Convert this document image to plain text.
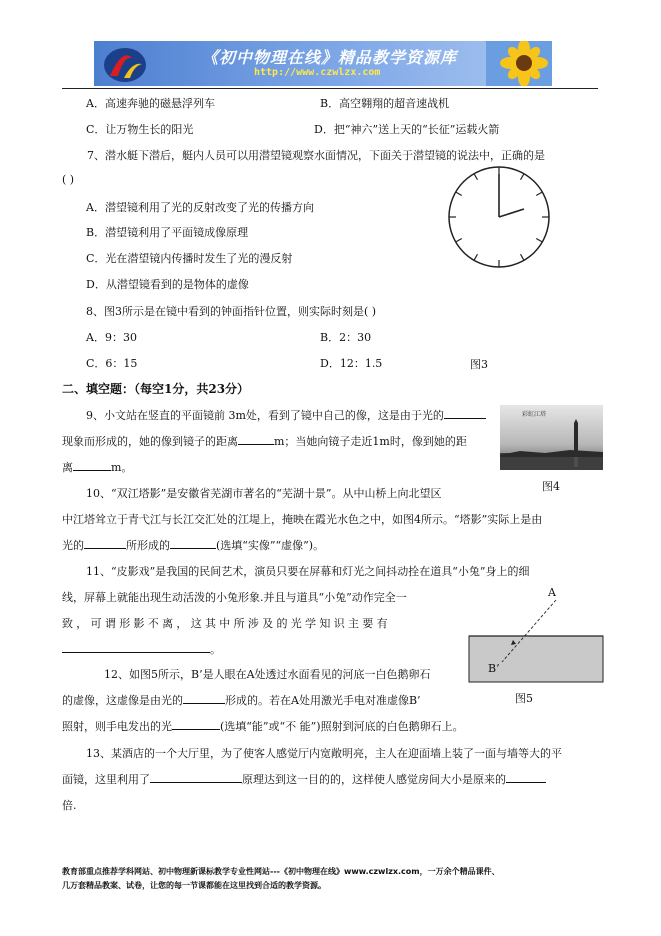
《初中物理在线》精品教学资源库
http://www.czwlzx.com
A．高速奔驰的磁悬浮列车	B．高空翱翔的超音速战机
C．让万物生长的阳光	D．把“神六”送上天的“长征”运载火箭
7、潜水艇下潜后，艇内人员可以用潜望镜观察水面情况，下面关于潜望镜的说法中，正确的是
( )
A．潜望镜利用了光的反射改变了光的传播方向
B．潜望镜利用了平面镜成像原理
C．光在潜望镜内传播时发生了光的漫反射
D．从潜望镜看到的是物体的虚像
8、图3所示是在镜中看到的钟面指针位置，则实际时刻是( )
A．9：30	B．2：30
C．6：15	D．12：1.5	图3
二、填空题：（每空1分，共23分）
9、小文站在竖直的平面镜前 3m处，看到了镜中自己的像，这是由于光的
现象而形成的，她的像到镜子的距离	m；当她向镜子走近1m时，像到她的距
离	m。
彩虹江塔
图4
10、“双江塔影”是安徽省芜湖市著名的“芜湖十景”。从中山桥上向北望区
中江塔耸立于青弋江与长江交汇处的江堤上，掩映在霞光水色之中，如图4所示。“塔影”实际上是由
光的	所形成的	(选填“实像”“虚像”)。
11、“皮影戏”是我国的民间艺术，演员只要在屏幕和灯光之间抖动拴在道具“小兔”身上的细
线，屏幕上就能出现生动活泼的小兔形象.并且与道具“小兔”动作完全一
致，可谓形影不离，这其中所涉及的光学知识主要有
。
A
B’
图5
12、如图5所示，B’是人眼在A处透过水面看见的河底一白色鹅卵石
的虚像，这虚像是由光的	形成的。若在A处用激光手电对准虚像B’
照射，则手电发出的光	(选填“能”或“不 能”)照射到河底的白色鹅卵石上。
13、某酒店的一个大厅里，为了使客人感觉厅内宽敞明亮，主人在迎面墙上装了一面与墙等大的平
面镜，这里利用了	原理达到这一目的的，这样使人感觉房间大小是原来的
倍.
教育部重点推荐学科网站、初中物理新课标教学专业性网站---《初中物理在线》www.czwlzx.com，一万余个精品课件、
几万套精品教案、试卷，让您的每一节课都能在这里找到合适的教学资源。
